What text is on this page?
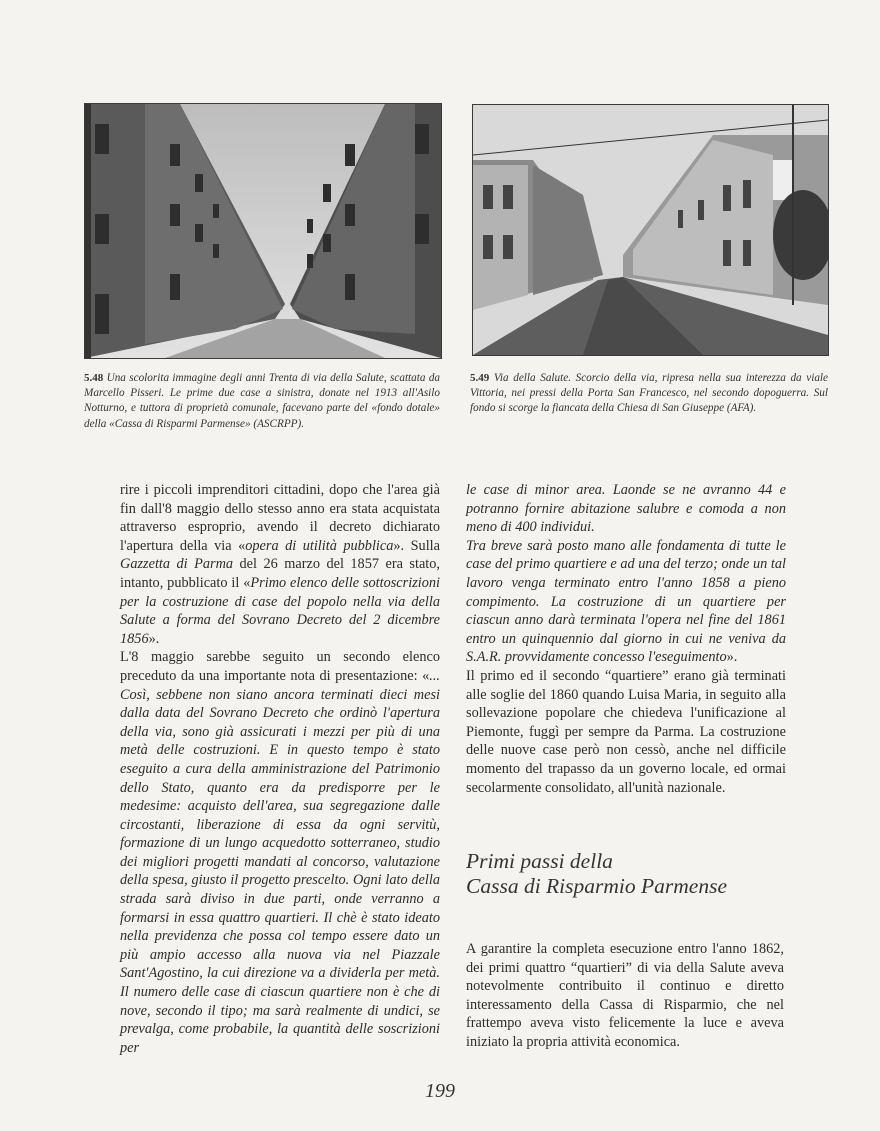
5.48 Una scolorita immagine degli anni Trenta di via della Salute, scattata da Marcello Pisseri. Le prime due case a sinistra, donate nel 1913 all'Asilo Notturno, e tuttora di proprietà comunale, facevano parte del «fondo dotale» della «Cassa di Risparmi Parmense» (ASCRPP).
5.49 Via della Salute. Scorcio della via, ripresa nella sua interezza da viale Vittoria, nei pressi della Porta San Francesco, nel secondo dopoguerra. Sul fondo si scorge la fiancata della Chiesa di San Giuseppe (AFA).

rire i piccoli imprenditori cittadini, dopo che l'area già fin dall'8 maggio dello stesso anno era stata acquistata attraverso esproprio, avendo il decreto dichiarato l'apertura della via «opera di utilità pubblica». Sulla Gazzetta di Parma del 26 marzo del 1857 era stato, intanto, pubblicato il «Primo elenco delle sottoscrizioni per la costruzione di case del popolo nella via della Salute a forma del Sovrano Decreto del 2 dicembre 1856».

L'8 maggio sarebbe seguito un secondo elenco preceduto da una importante nota di presentazione: «... Così, sebbene non siano ancora terminati dieci mesi dalla data del Sovrano Decreto che ordinò l'apertura della via, sono già assicurati i mezzi per più di una metà delle costruzioni. E in questo tempo è stato eseguito a cura della amministrazione del Patrimonio dello Stato, quanto era da predisporre per le medesime: acquisto dell'area, sua segregazione dalle circostanti, liberazione di essa da ogni servitù, formazione di un lungo acquedotto sotterraneo, studio dei migliori progetti mandati al concorso, valutazione della spesa, giusto il progetto prescelto. Ogni lato della strada sarà diviso in due parti, onde verranno a formarsi in essa quattro quartieri. Il chè è stato ideato nella previdenza che possa col tempo essere dato un più ampio accesso alla nuova via nel Piazzale Sant'Agostino, la cui direzione va a dividerla per metà. Il numero delle case di ciascun quartiere non è che di nove, secondo il tipo; ma sarà realmente di undici, se prevalga, come probabile, la quantità delle soscrizioni per

le case di minor area. Laonde se ne avranno 44 e potranno fornire abitazione salubre e comoda a non meno di 400 individui.

Tra breve sarà posto mano alle fondamenta di tutte le case del primo quartiere e ad una del terzo; onde un tal lavoro venga terminato entro l'anno 1858 a pieno compimento. La costruzione di un quartiere per ciascun anno darà terminata l'opera nel fine del 1861 entro un quinquennio dal giorno in cui ne veniva da S.A.R. provvidamente concesso l'eseguimento».

Il primo ed il secondo “quartiere” erano già terminati alle soglie del 1860 quando Luisa Maria, in seguito alla sollevazione popolare che chiedeva l'unificazione al Piemonte, fuggì per sempre da Parma. La costruzione delle nuove case però non cessò, anche nel difficile momento del trapasso da un governo locale, ed ormai secolarmente consolidato, all'unità nazionale.

Primi passi della
Cassa di Risparmio Parmense

A garantire la completa esecuzione entro l'anno 1862, dei primi quattro “quartieri” di via della Salute aveva notevolmente contribuito il continuo e diretto interessamento della Cassa di Risparmio, che nel frattempo aveva visto felicemente la luce e aveva iniziato la propria attività economica.

199
